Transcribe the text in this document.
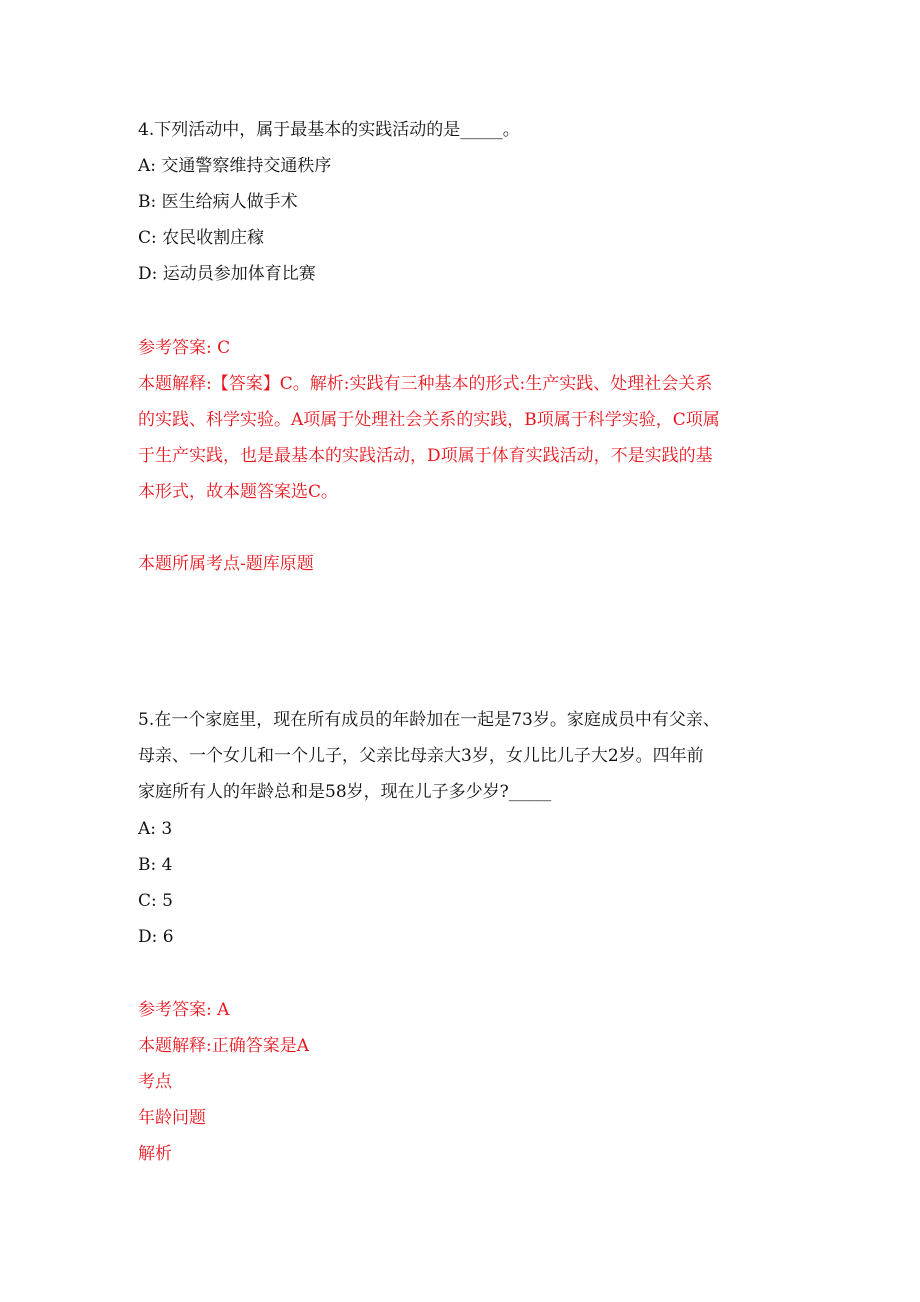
4.下列活动中，属于最基本的实践活动的是_____。
A: 交通警察维持交通秩序
B: 医生给病人做手术
C: 农民收割庄稼
D: 运动员参加体育比赛
参考答案: C
本题解释:【答案】C。解析:实践有三种基本的形式:生产实践、处理社会关系
的实践、科学实验。A项属于处理社会关系的实践，B项属于科学实验，C项属
于生产实践，也是最基本的实践活动，D项属于体育实践活动，不是实践的基
本形式，故本题答案选C。
本题所属考点-题库原题
5.在一个家庭里，现在所有成员的年龄加在一起是73岁。家庭成员中有父亲、
母亲、一个女儿和一个儿子，父亲比母亲大3岁，女儿比儿子大2岁。四年前
家庭所有人的年龄总和是58岁，现在儿子多少岁?_____
A: 3
B: 4
C: 5
D: 6
参考答案: A
本题解释:正确答案是A
考点
年龄问题
解析
